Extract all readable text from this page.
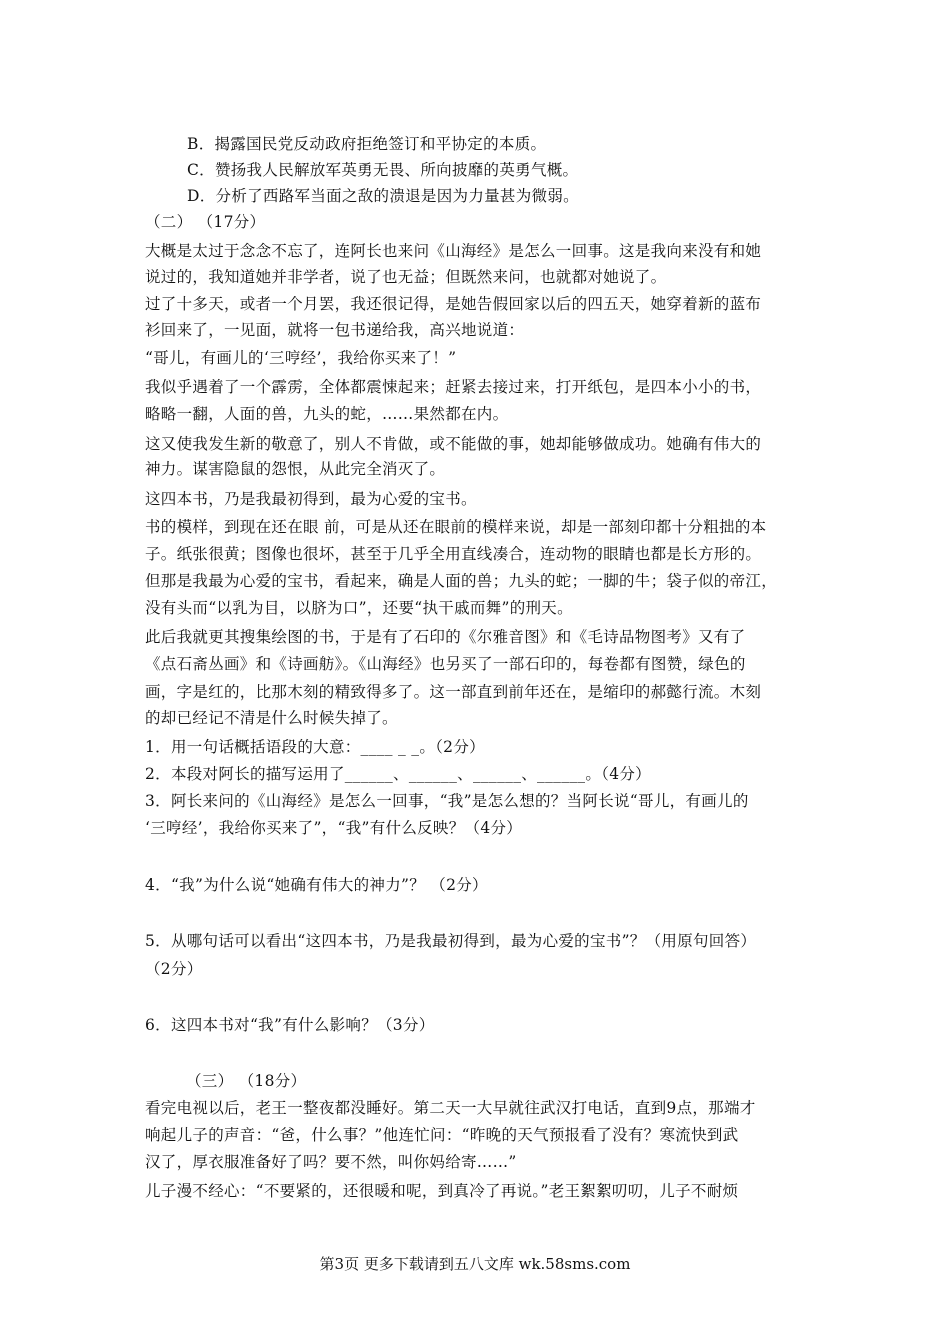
B．揭露国民党反动政府拒绝签订和平协定的本质。
C．赞扬我人民解放军英勇无畏、所向披靡的英勇气概。
D．分析了西路军当面之敌的溃退是因为力量甚为微弱。
（二） （17分）
大概是太过于念念不忘了，连阿长也来问《山海经》是怎么一回事。这是我向来没有和她
说过的，我知道她并非学者，说了也无益；但既然来问，也就都对她说了。
过了十多天，或者一个月罢，我还很记得，是她告假回家以后的四五天，她穿着新的蓝布
衫回来了，一见面，就将一包书递给我，高兴地说道：
“哥儿，有画儿的‘三哼经’，我给你买来了！”
我似乎遇着了一个霹雳，全体都震悚起来；赶紧去接过来，打开纸包，是四本小小的书，
略略一翻，人面的兽，九头的蛇，……果然都在内。
这又使我发生新的敬意了，别人不肯做，或不能做的事，她却能够做成功。她确有伟大的
神力。谋害隐鼠的怨恨，从此完全消灭了。
这四本书，乃是我最初得到，最为心爱的宝书。
书的模样，到现在还在眼 前，可是从还在眼前的模样来说，却是一部刻印都十分粗拙的本
子。纸张很黄；图像也很坏，甚至于几乎全用直线凑合，连动物的眼睛也都是长方形的。
但那是我最为心爱的宝书，看起来，确是人面的兽；九头的蛇；一脚的牛；袋子似的帝江，
没有头而“以乳为目，以脐为口”，还要“执干戚而舞”的刑天。
此后我就更其搜集绘图的书，于是有了石印的《尔雅音图》和《毛诗品物图考》又有了
《点石斋丛画》和《诗画舫》。《山海经》也另买了一部石印的，每卷都有图赞，绿色的
画，字是红的，比那木刻的精致得多了。这一部直到前年还在，是缩印的郝懿行流。木刻
的却已经记不清是什么时候失掉了。
1．用一句话概括语段的大意：____ _ _。（2分）
2．本段对阿长的描写运用了______、______、______、______。（4分）
3．阿长来问的《山海经》是怎么一回事，“我”是怎么想的？当阿长说“哥儿，有画儿的
‘三哼经’，我给你买来了”，“我”有什么反映？（4分）
4．“我”为什么说“她确有伟大的神力”？ （2分）
5．从哪句话可以看出“这四本书，乃是我最初得到，最为心爱的宝书”？（用原句回答）
（2分）
6．这四本书对“我”有什么影响？（3分）
（三） （18分）
看完电视以后，老王一整夜都没睡好。第二天一大早就往武汉打电话，直到9点，那端才
响起儿子的声音：“爸，什么事？”他连忙问：“昨晚的天气预报看了没有？寒流快到武
汉了，厚衣服准备好了吗？要不然，叫你妈给寄……”
儿子漫不经心：“不要紧的，还很暖和呢，到真冷了再说。”老王絮絮叨叨，儿子不耐烦
第3页 更多下载请到五八文库 wk.58sms.com
